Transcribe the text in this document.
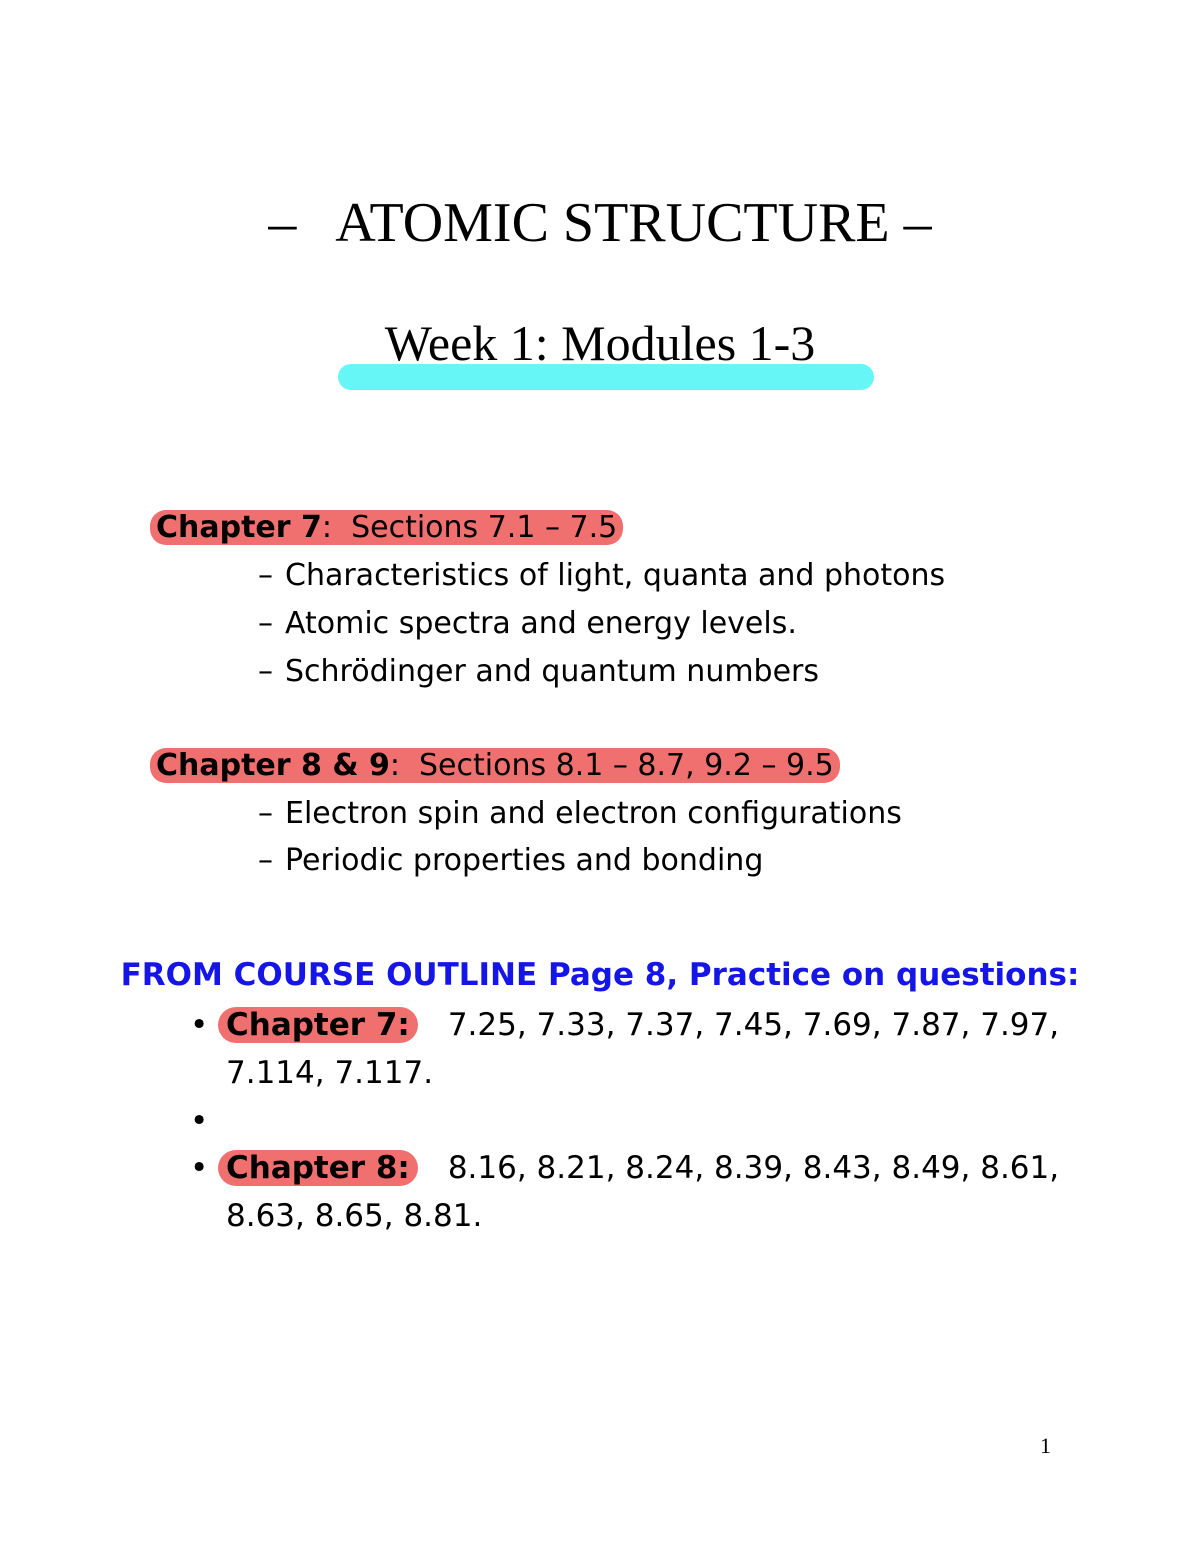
–   ATOMIC STRUCTURE –
Week 1: Modules 1-3
Chapter 7:  Sections 7.1 – 7.5
– Characteristics of light, quanta and photons
– Atomic spectra and energy levels.
– Schrödinger and quantum numbers
Chapter 8 & 9:  Sections 8.1 – 8.7, 9.2 – 9.5
– Electron spin and electron configurations
– Periodic properties and bonding
FROM COURSE OUTLINE Page 8, Practice on questions:
• Chapter 7: 7.25, 7.33, 7.37, 7.45, 7.69, 7.87, 7.97,
7.114, 7.117.
•
• Chapter 8: 8.16, 8.21, 8.24, 8.39, 8.43, 8.49, 8.61,
8.63, 8.65, 8.81.
1
